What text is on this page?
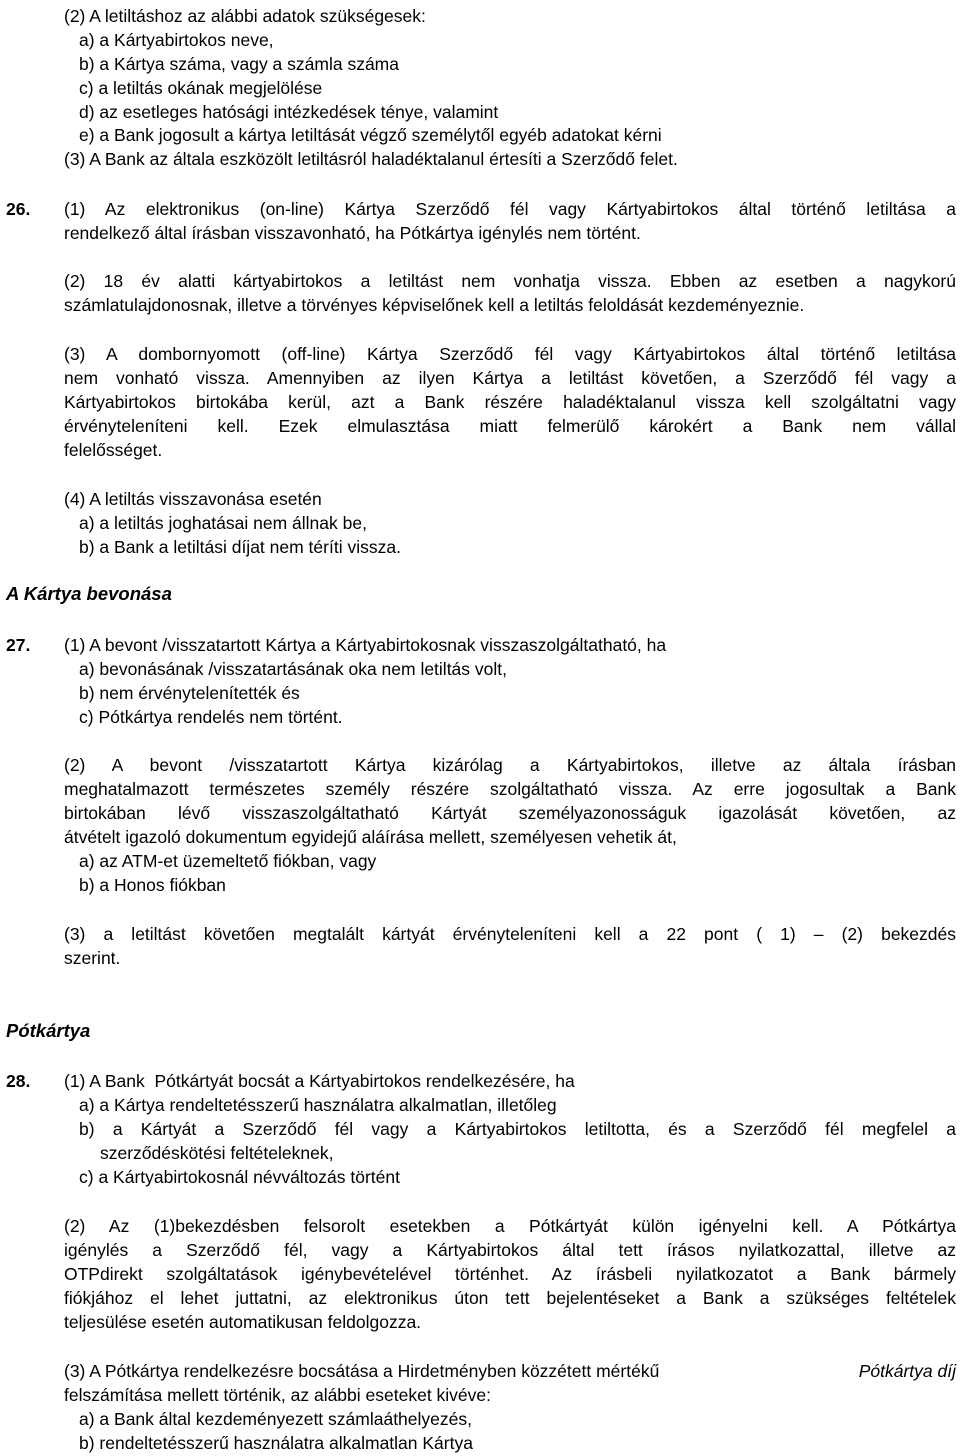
(2) A letiltáshoz az alábbi adatok szükségesek:
a) a Kártyabirtokos neve,
b) a Kártya száma, vagy a számla száma
c) a letiltás okának megjelölése
d) az esetleges hatósági intézkedések ténye, valamint
e) a Bank jogosult a kártya letiltását végző személytől egyéb adatokat kérni
(3) A Bank az általa eszközölt letiltásról haladéktalanul értesíti a Szerződő felet.
26. (1) Az elektronikus (on-line) Kártya Szerződő fél vagy Kártyabirtokos által történő letiltása a
rendelkező által írásban visszavonható, ha Pótkártya igénylés nem történt.
(2) 18 év alatti kártyabirtokos a letiltást nem vonhatja vissza. Ebben az esetben a nagykorú
számlatulajdonosnak, illetve a törvényes képviselőnek kell a letiltás feloldását kezdeményeznie.
(3) A dombornyomott (off-line) Kártya Szerződő fél vagy Kártyabirtokos által történő letiltása
nem vonható vissza. Amennyiben az ilyen Kártya a letiltást követően, a Szerződő fél vagy a
Kártyabirtokos birtokába kerül, azt a Bank részére haladéktalanul vissza kell szolgáltatni vagy
érvényteleníteni kell. Ezek elmulasztása miatt felmerülő károkért a Bank nem vállal
felelősséget.
(4) A letiltás visszavonása esetén
a) a letiltás joghatásai nem állnak be,
b) a Bank a letiltási díjat nem téríti vissza.
A Kártya bevonása
27. (1) A bevont /visszatartott Kártya a Kártyabirtokosnak visszaszolgáltatható, ha
a) bevonásának /visszatartásának oka nem letiltás volt,
b) nem érvénytelenítették és
c) Pótkártya rendelés nem történt.
(2) A bevont /visszatartott Kártya kizárólag a Kártyabirtokos, illetve az általa írásban
meghatalmazott természetes személy részére szolgáltatható vissza. Az erre jogosultak a Bank
birtokában lévő visszaszolgáltatható Kártyát személyazonosságuk igazolását követően, az
átvételt igazoló dokumentum egyidejű aláírása mellett, személyesen vehetik át,
a) az ATM-et üzemeltető fiókban, vagy
b) a Honos fiókban
(3) a letiltást követően megtalált kártyát érvényteleníteni kell a 22 pont ( 1) – (2) bekezdés
szerint.
Pótkártya
28. (1) A Bank  Pótkártyát bocsát a Kártyabirtokos rendelkezésére, ha
a) a Kártya rendeltetésszerű használatra alkalmatlan, illetőleg
b) a Kártyát a Szerződő fél vagy a Kártyabirtokos letiltotta, és a Szerződő fél megfelel a
szerződéskötési feltételeknek,
c) a Kártyabirtokosnál névváltozás történt
(2) Az (1)bekezdésben felsorolt esetekben a Pótkártyát külön igényelni kell. A Pótkártya
igénylés a Szerződő fél, vagy a Kártyabirtokos által tett írásos nyilatkozattal, illetve az
OTPdirekt szolgáltatások igénybevételével történhet. Az írásbeli nyilatkozatot a Bank bármely
fiókjához el lehet juttatni, az elektronikus úton tett bejelentéseket a Bank a szükséges feltételek
teljesülése esetén automatikusan feldolgozza.
(3) A Pótkártya rendelkezésre bocsátása a Hirdetményben közzétett mértékű	Pótkártya díj
felszámítása mellett történik, az alábbi eseteket kivéve:
a) a Bank által kezdeményezett számlaáthelyezés,
b) rendeltetésszerű használatra alkalmatlan Kártya
